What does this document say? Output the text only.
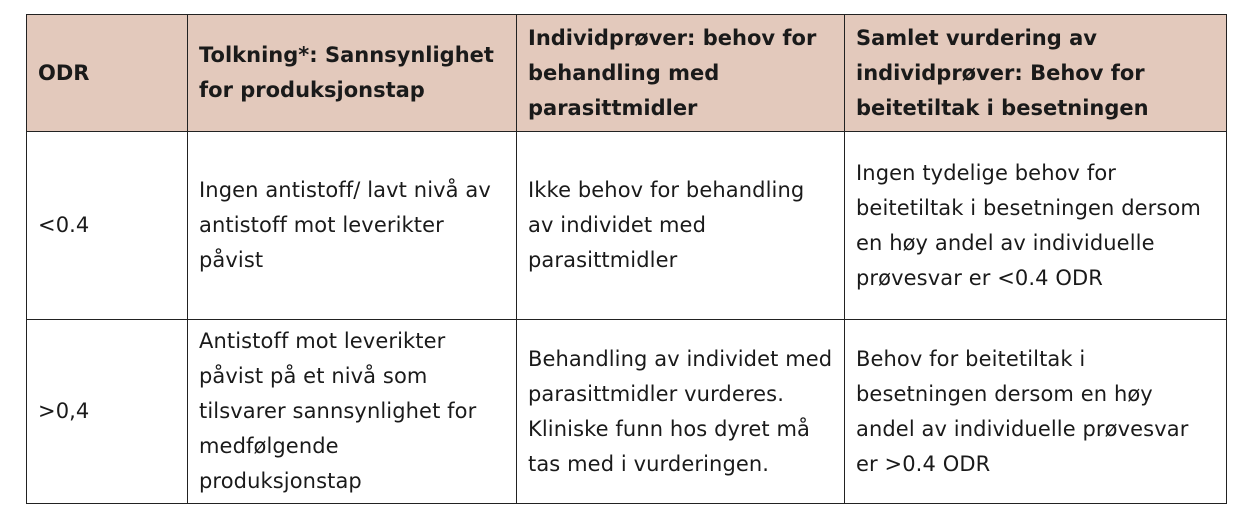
ODR	Tolkning*: Sannsynlighet for produksjonstap	Individprøver: behov for behandling med parasittmidler	Samlet vurdering av individprøver: Behov for beitetiltak i besetningen
<0.4	Ingen antistoff/ lavt nivå av antistoff mot leverikter påvist	Ikke behov for behandling av individet med parasittmidler	Ingen tydelige behov for beitetiltak i besetningen dersom en høy andel av individuelle prøvesvar er <0.4 ODR
>0,4	Antistoff mot leverikter påvist på et nivå som tilsvarer sannsynlighet for medfølgende produksjonstap	Behandling av individet med parasittmidler vurderes. Kliniske funn hos dyret må tas med i vurderingen.	Behov for beitetiltak i besetningen dersom en høy andel av individuelle prøvesvar er >0.4 ODR
